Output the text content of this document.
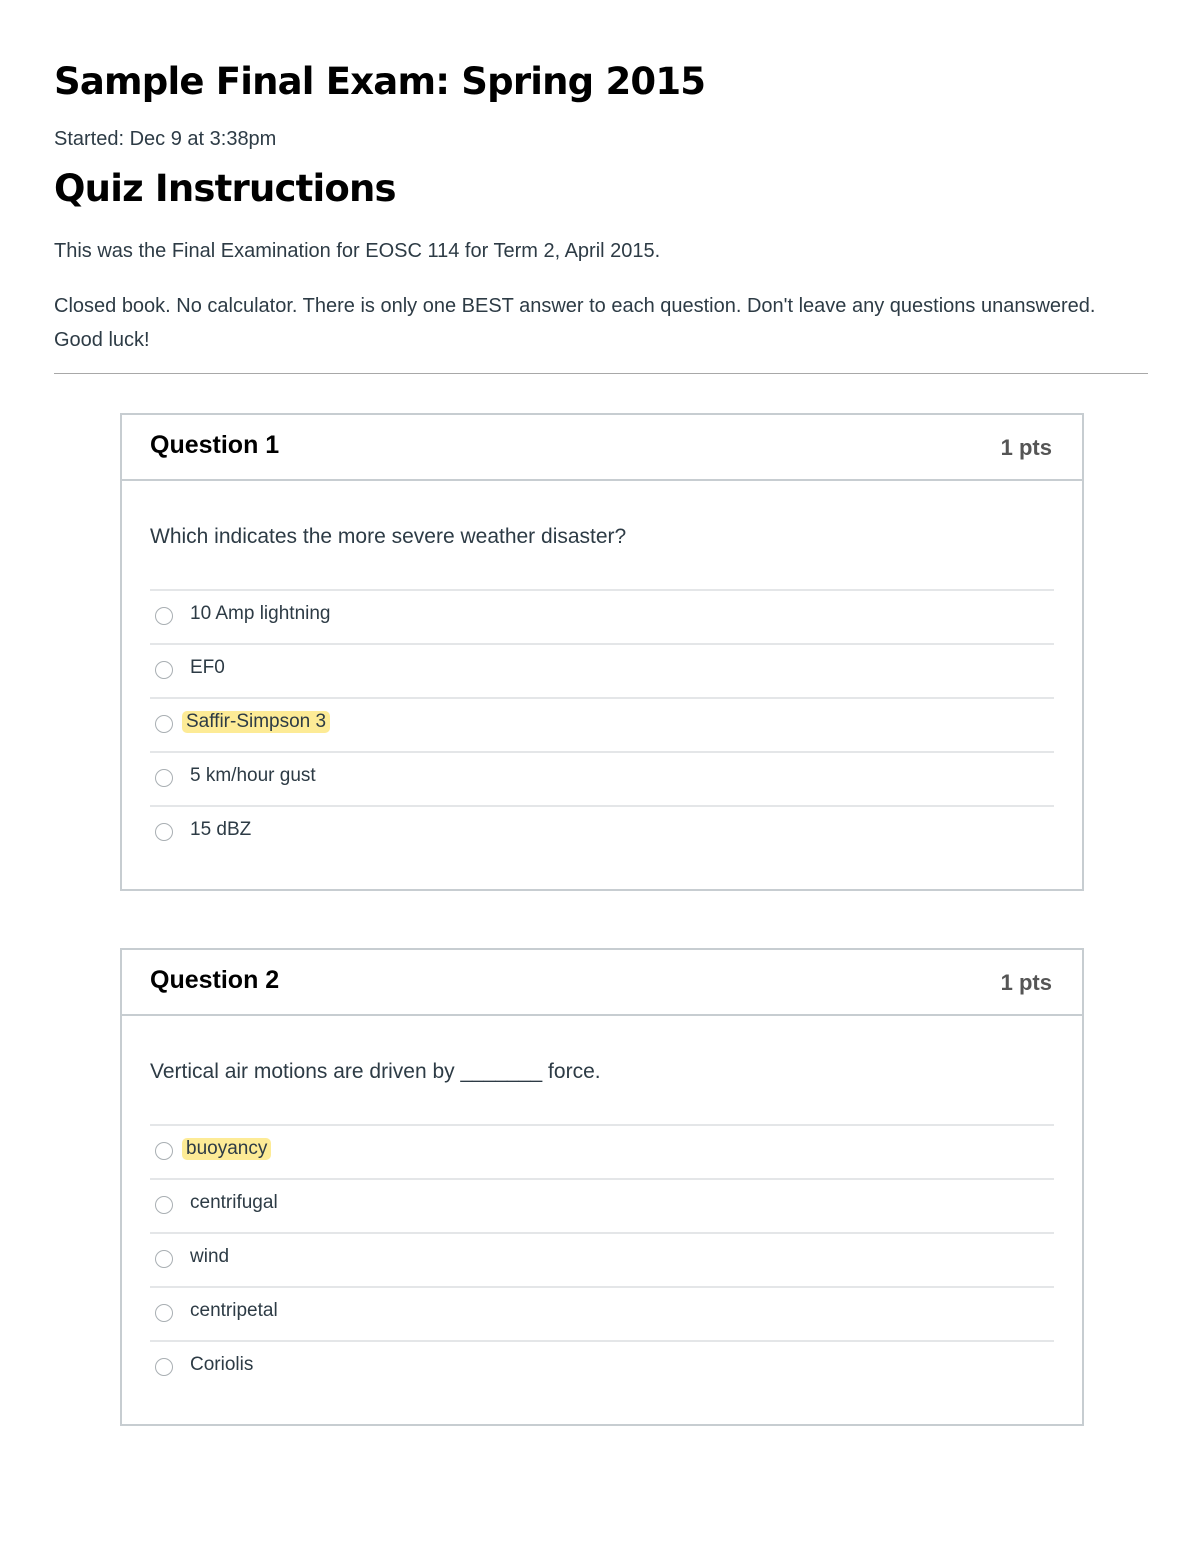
Sample Final Exam: Spring 2015
Started: Dec 9 at 3:38pm
Quiz Instructions

This was the Final Examination for EOSC 114 for Term 2, April 2015.

Closed book. No calculator. There is only one BEST answer to each question. Don't leave any questions unanswered. Good luck!

Question 1	1 pts
Which indicates the more severe weather disaster?
10 Amp lightning
EF0
Saffir-Simpson 3
5 km/hour gust
15 dBZ
Question 2	1 pts
Vertical air motions are driven by _______ force.
buoyancy
centrifugal
wind
centripetal
Coriolis
